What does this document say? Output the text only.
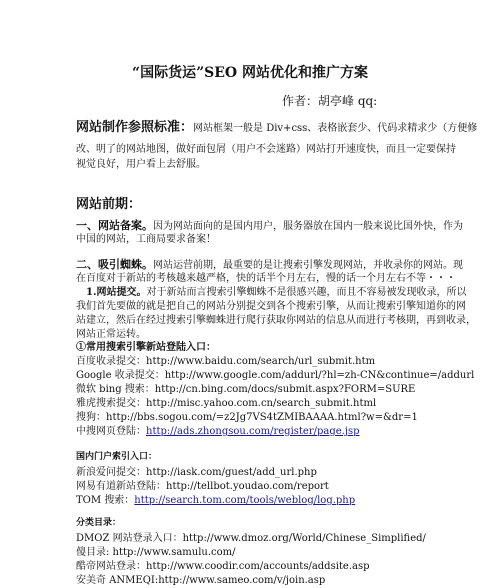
“国际货运”SEO 网站优化和推广方案
作者：胡亭峰 qq:
网站制作参照标准：网站框架一般是 Div+css、表格嵌套少、代码求精求少（方便修
改、明了的网站地图，做好面包屑（用户不会迷路）网站打开速度快，而且一定要保持
视觉良好，用户看上去舒服。
网站前期：
一、网站备案。因为网站面向的是国内用户，服务器放在国内一般来说比国外快，作为
中国的网站，工商局要求备案！
二、吸引蜘蛛。网站运营前期，最重要的是让搜索引擎发现网站，并收录你的网站。现
在百度对于新站的考核越来越严格，快的话半个月左右，慢的话一个月左右不等・・・
1.网站提交。对于新站而言搜索引擎蜘蛛不是很感兴趣，而且不容易被发现收录，所以
我们首先要做的就是把自己的网站分别提交到各个搜索引擎，从而让搜索引擎知道你的网
站建立，然后在经过搜索引擎蜘蛛进行爬行获取你网站的信息从而进行考核期，再到收录，
网站正常运转。
①常用搜索引擎新站登陆入口：
百度收录提交：http://www.baidu.com/search/url_submit.htm
Google 收录提交：http://www.google.com/addurl/?hl=zh-CN&continue=/addurl
微软 bing 搜索：http://cn.bing.com/docs/submit.aspx?FORM=SURE
雅虎搜索提交：http://misc.yahoo.com.cn/search_submit.html
搜狗：http://bbs.sogou.com/=z2Jg7VS4tZMIBAAAA.html?w=&dr=1
中搜网页登陆：http://ads.zhongsou.com/register/page.jsp
国内门户索引入口：
新浪爱问提交：http://iask.com/guest/add_url.php
网易有道新站登陆：http://tellbot.youdao.com/report
TOM 搜索：http://search.tom.com/tools/weblog/log.php
分类目录：
DMOZ 网站登录入口：http://www.dmoz.org/World/Chinese_Simplified/
傻目录: http://www.samulu.com/
酷帝网站登录：http://www.coodir.com/accounts/addsite.asp
安美奇 ANMEQI:http://www.sameo.com/v/join.asp
